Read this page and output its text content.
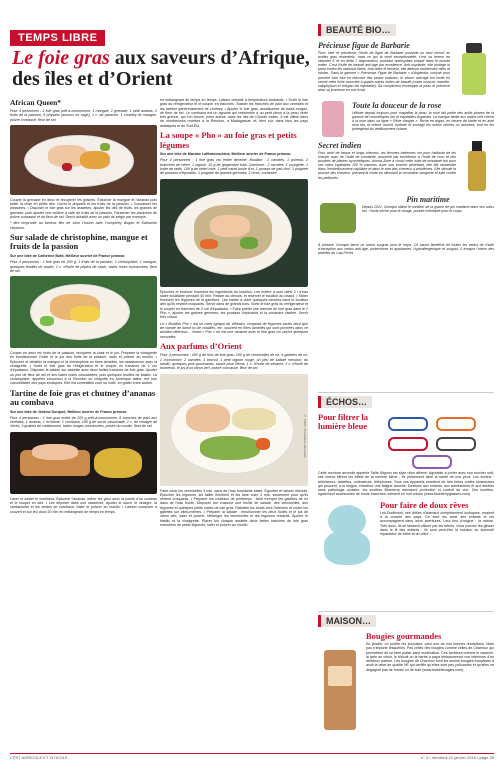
TEMPS LIBRE
Le foie gras aux saveurs d’Afrique, des îles et d’Orient
African Queen*

Pour 4 personnes : 1 foie gras prêt-à-consommer, 1 mangue, 1 grenade, 1 petit ananas, 2 fruits de la passion, 8 physalis (amours en cage), 1 c. de pistache, 1 chutney de mangue, poivre concassé, fleur de sel.

Couper la grenade en deux et récupérer les graines. Éplucher la mangue et l’ananas puis tailler la chair en petits dés. Ouvrir le physalis et les fruits de la passion. • Concasser les pistaches. • Disposer le foie gras sur les assiettes, ajouter les dés de fruits, les graines de grenade, puis ajouter une cuillère à café de fruits de la passion. Parsemer les pistaches de poivre concassé et de fleur de sel. Servir aussitôt avec un pain de seigle par exemple.

* titre emprunté au fameux film de John Huston avec Humphrey Bogart et Katharine Hepburn.

Sur salade de christophine, mangue et fruits de la passion

Sur une idée de Catherine Botti, Meilleur ouvrier de France primeur.

Pour 4 personnes : 1 foie gras de 200 g, 3 fruits de la passion, 1 christophine, 1 mangue, quelques feuilles de basilic, 2 c. d’huile de pépins de raisin, baies roses concassées, fleur de sel.

Couper en deux les fruits de la passion, récupérer la chair et le jus. Préparer la vinaigrette en émulsionnant l’huile et le jus des fruits de la passion, saler et poivrer au moulin. • Éplucher et détailler la mangue et la christophine en fines lamelles, les assaisonner avec la vinaigrette. • Sortir le foie gras du réfrigérateur et le couper en tranches de 1 cm d’épaisseur. Disposer la salade sur assiette avec deux belles tranches de foie gras. Ajouter un peu de fleur de sel et des baies roses concassées, puis quelques feuilles de basilic. La christophine, appelée chouchou à la Réunion ou chayotte en Amérique latine, est une cucurbitacée des pays exotiques. Elle est comestible crue ou cuite, en gratin entre autres.

Tartine de foie gras et chutney d’ananas au combava

Sur une idée de Jérôme Durquet, Meilleur ouvrier de France primeur.

Pour 4 personnes : 1 foie gras entier de 200 g prêt-à-consommer, 8 tranches de pain aux céréales, 1 ananas, 1 échalote, 1 combava, 100 g de sucre cassonade, 2 c. de vinaigre de Xérès, 3 graines de cardamome, baies rouges concassées, poivre du moulin, fleur de sel.

Laver et zester le combava. Éplucher l’ananas, retirer les yeux avec la pointe d’un couteau et le couper en dés. • Les déposer dans une casserole, ajouter le sucre, le vinaigre, la cardamome et les zestes de combava. Saler et poivrer au moulin. • Laisser compoter à couvert et sur feu doux 20 min en mélangeant de temps en temps.

en mélangeant de temps en temps. Laisser refroidir à température ambiante. • Sortir le foie gras du réfrigérateur et le couper en tranches. Toaster les tranches de pain aux céréales et les tartiner généreusement de chutney. • Ajouter le foie gras, assaisonner de baies rouges, de fleur de sel. Le combava est un agrume qui ressemble à un petit citron à la peau verte très grenue, qui l’on trouve, entre autres, dans les îles de l’Océan Indien. Il est utilisé dans de nombreuses recettes à la Réunion, à Madagascar, et, bien sûr, dans tous les pays asiatiques et du Sud-Est.

La soupe « Pho » au foie gras et petits légumes

Sur une idée de Maxime Laffranceschina, Meilleur ouvrier de France primeur.

Pour 4 personnes : 1 foie gras cru entier déveiné. Bouillon : 2 carottes, 1 poireau, 2 branches de céleri, 1 oignon, 10 g de gingembre frais. Garniture : 2 carottes, 1 courgette, 1 botte de radis, 100 g de céleri rave, 1 petit navet boule d’or, 1 pousse de pak-choï, 1 poignée de pousses d’épinards, 1 poignée de graines germées, 2 cives, coriandre.

Éplucher et émincer finement les ingrédients du bouillon. Les mettre à suer dans 2 l d’eau salée bouillante pendant 40 min. Passer au chinois, et réserver le bouillon au chaud. • Tailler finement les légumes de la garniture. Les mettre à cuire quelques minutes dans le bouillon afin qu’ils restent croquants. Servir dans de grands bols. Sortir le foie gras du réfrigérateur et le couper en tranches de 2 cm d’épaisseur. • Faire poêler une tranche de foie gras dans le « Pho », ajouter les graines germées, les pousses d’épinards et la coriandre ciselée. Servir très chaud.

Le « Bouillon Pho » est un mets typique du Viêtnam, composé de légumes variés ainsi que de viande de bœuf ou de volailles, etc. souvent en fines lamelles qui sont pochées dans ce bouillon délicieux… Notre « Pho » en est une variante avec le foie gras cru poché quelques secondes.

Aux parfums d’Orient

Pour 4 personnes : 400 g de bloc de foie gras, 160 g de vermicelles de riz, 4 galettes de riz, 1 concombre, 2 carottes, 1 brocoli, 1 petit oignon rouge, un peu de salade mesclun, du basilic, quelques pois gourmands, sauce pour Nems, 1 c. d’huile de sésame, 3 c. d’huile de tournesol, le jus d’un citron vert, poivre concassé, fleur de sel.

© Photo : Dominique Ostrowski

Faire cuire les vermicelles 4 min. dans de l’eau bouillante salée. Égoutter et laisser refroidir. Éplucher les légumes, les tailler finement et les faire cuire 2 min. seulement pour qu’ils restent croquants. • Préparer les rouleaux de printemps : faire tremper les galettes de riz dans de l’eau froide. Disposer sur chacune une feuille de salade, des vermicelles, des légumes et quelques petits cubes de foie gras. Rabattre les bords vers l’intérieur et rouler les galettes sur elles-mêmes. • Préparer la salade : émulsionner les deux huiles et le jus de citron vert, saler et poivrer. Mélanger les vermicelles et les légumes restants. Ajouter le basilic et la vinaigrette. Placer sur chaque assiette deux belles tranches de foie gras entourées de petits légumes, saler et poivrer au moulin.

BEAUTÉ BIO…
Précieuse figue de Barbarie

Pure, rare et précieuse, l’huile de figue de Barbarie possède un taux record en acides gras essentiels, mais ce qui la rend exceptionnelle, c’est sa teneur en vitamine E et en delta 7 stigmastérol, puissant antioxydant unique dans le monde entier. C’est l’huile de beauté anti-âge par excellence. Anti-oxydante, elle protège la peau contre les radicaux libres. Anti-rides et tenseur, elle atténue visiblement rides et ridules. Dans la gamme « Précieuse Figue de Barbarie » d’Argandia, conçue pour prendre soin tout en douceur des peaux matures, le sérum anti-âge bio invite en secret cette huile associée à quatre autres huiles de beauté (rosier muscat, noisette, calophyllum et d’argan bio équitable). Sa complexion enveloppe la peau et préserve ainsi sa jeunesse en son éclat.

Toute la douceur de la rose

Utilisée depuis toujours pour magnifier la peau, la rose fait partie des actifs phares de la gamme de cosmétiques bio et équitables Argandia. La marque dédie aux mains une crème à la rose dans sa ligne « Rêve d’argan ». Riche en argan, en beurre de karité et en aloé vera bio, la crème nourrit, hydrate et soulage les mains sèches ou abîmées, tout en les protégeant du vieillissement cutané.

Secret indien

Pour avoir de beaux et longs cheveux, les femmes indiennes ont pour habitude de les masser avec de l’huile de moutarde, associée par excellence à l’huile de coco et des poudres de plantes ayurvédiques. Aroma-Zone a choisi cette huile de moutarde bio pour ses soins capillaires 100 % naturels. Avec son toucher pénétrant, elle fait rassemble dans l’embellissement capillaire et dans le soin des cheveux à problèmes. Elle stimule la pousse des cheveux, prévient la chute en stimulant la circulation sanguine et lutte contre les pellicules.

Pin maritime

Depuis 2012, Ocoopin utilise le meilleur de la graine de pin maritime dans ses soins bio : l’huile sèche pour le visage, poudre exfoliante pour le corps.

À présent, Ocoopin lance un savon surgras pour le corps. Ce savon bénéficie de toutes les vertus de l’huile d’exception aux vertus anti-âge, protectrices et apaisantes. Hypoallergénique et surgras, il évoque l’odeur des pinèdes du Cap Ferret.

ÉCHOS…
Pour filtrer la lumière bleue

Cette monture arrondie appelée Taille Mignon est style rétro affirmé. Agréable à porter avec son toucher soft, ses verres filtrent les effets de la lumière bleue ; ils préservent ainsi la santé de nos yeux. Les écrans : téléviseurs, tablettes, ordinateurs, téléphones. Tous ces appareils émettent de très fortes ondes lumineuses qui peuvent, à la longue, entraîner une fatigue visuelle. Destinés aux enfants, aux adolescents et aux adultes sans pathologie oculaire, les lunettes Blueberry associent protection et confort de vue. Ces lunettes, également accessoires de mode branchés, existent en huit coloris (www.blueberryglasses.com).

Pour faire de doux rêves

Les Dodlinous, ces drôles d’animaux complètement loufoques, vivaient à la croisée des pays. Ce sont les amis des enfants et les accompagnent dans leurs aventures. Leur lieu d’origine : la nature. Très doux, ils se laissent câliner par les bébés. Vous pouvez les glisser dans le lit des enfants : ils sont peut-être la solution au sommeil réparateur de bébé et du vôtre…

MAISON…
Bougies gourmandes

En janvier, on profite les surprises, voici une de nos bonnes résolutions. Mais pas n’importe lesquelles. Pas celles des bougies comme celles de Charroux qui permettent de se faire plaisir sans modération. Ces senteurs comme le caramel, la tarte au citron, le biscuit ou la barbe à papa embaumeront nos intérieurs d’un délicieux parfum. Les bougies de Charroux sont les seules bougies françaises à avoir le label de qualité NF qui certifie qu’elles sont peu polluantes et qu’elles ne dégagent pas de fumée ou de suie (www.boisetbougies.com).

L’EST AGRICOLE ET VITICOLE	n° 3 • Vendredi 22 janvier 2016 • page 28
